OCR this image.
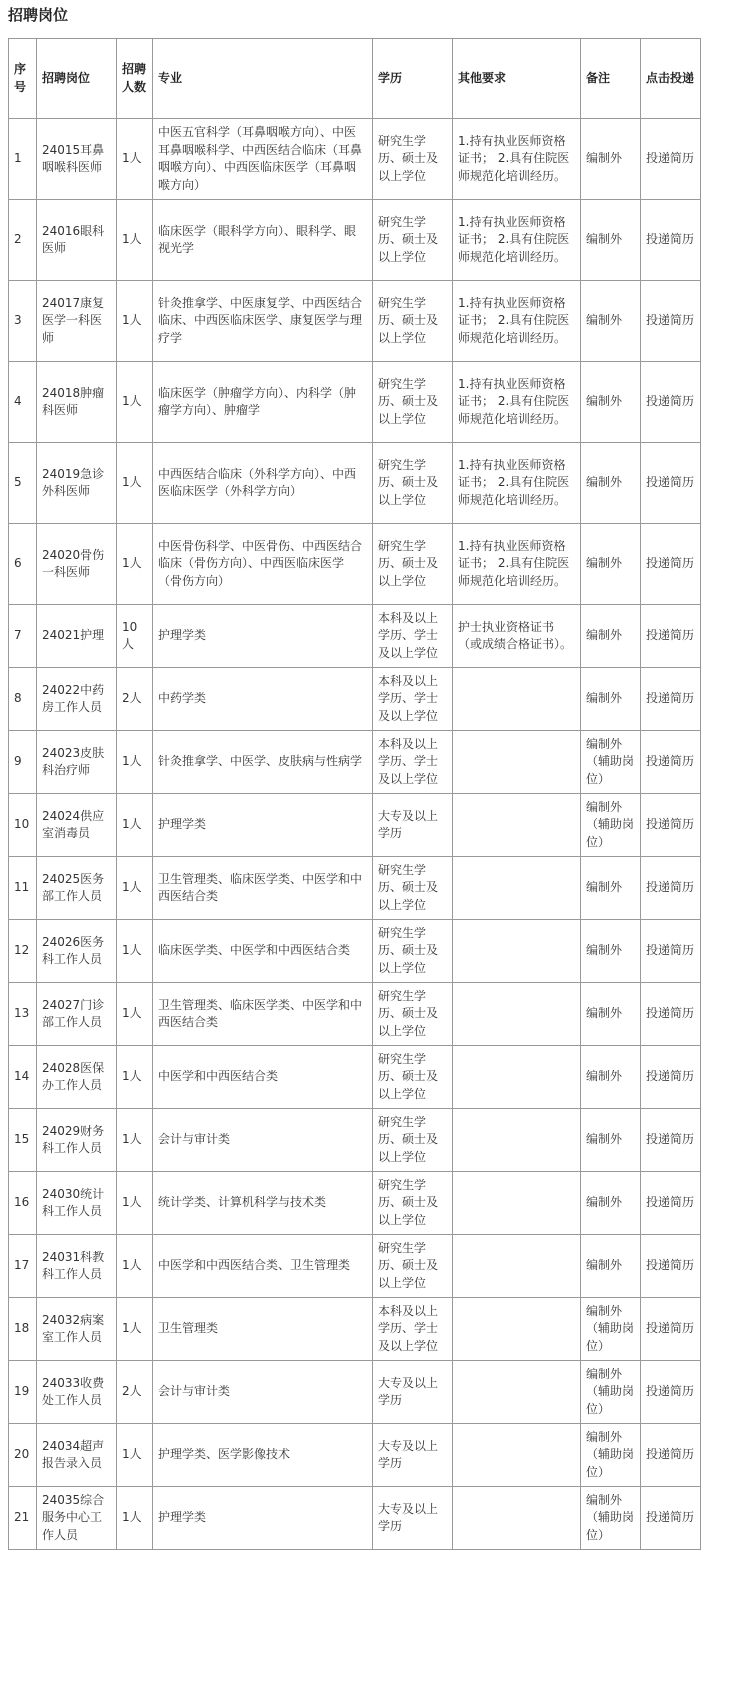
招聘岗位
序号	招聘岗位	招聘人数	专业	学历	其他要求	备注	点击投递
1	24015耳鼻咽喉科医师	1人	中医五官科学（耳鼻咽喉方向）、中医耳鼻咽喉科学、中西医结合临床（耳鼻咽喉方向）、中西医临床医学（耳鼻咽喉方向）	研究生学历、硕士及以上学位	1.持有执业医师资格证书； 2.具有住院医师规范化培训经历。	编制外	投递简历
2	24016眼科医师	1人	临床医学（眼科学方向）、眼科学、眼视光学	研究生学历、硕士及以上学位	1.持有执业医师资格证书； 2.具有住院医师规范化培训经历。	编制外	投递简历
3	24017康复医学一科医师	1人	针灸推拿学、中医康复学、中西医结合临床、中西医临床医学、康复医学与理疗学	研究生学历、硕士及以上学位	1.持有执业医师资格证书； 2.具有住院医师规范化培训经历。	编制外	投递简历
4	24018肿瘤科医师	1人	临床医学（肿瘤学方向）、内科学（肿瘤学方向）、肿瘤学	研究生学历、硕士及以上学位	1.持有执业医师资格证书； 2.具有住院医师规范化培训经历。	编制外	投递简历
5	24019急诊外科医师	1人	中西医结合临床（外科学方向）、中西医临床医学（外科学方向）	研究生学历、硕士及以上学位	1.持有执业医师资格证书； 2.具有住院医师规范化培训经历。	编制外	投递简历
6	24020骨伤一科医师	1人	中医骨伤科学、中医骨伤、中西医结合临床（骨伤方向）、中西医临床医学（骨伤方向）	研究生学历、硕士及以上学位	1.持有执业医师资格证书； 2.具有住院医师规范化培训经历。	编制外	投递简历
7	24021护理	10人	护理学类	本科及以上学历、学士及以上学位	护士执业资格证书（或成绩合格证书）。	编制外	投递简历
8	24022中药房工作人员	2人	中药学类	本科及以上学历、学士及以上学位		编制外	投递简历
9	24023皮肤科治疗师	1人	针灸推拿学、中医学、皮肤病与性病学	本科及以上学历、学士及以上学位		编制外（辅助岗位）	投递简历
10	24024供应室消毒员	1人	护理学类	大专及以上学历		编制外（辅助岗位）	投递简历
11	24025医务部工作人员	1人	卫生管理类、临床医学类、中医学和中西医结合类	研究生学历、硕士及以上学位		编制外	投递简历
12	24026医务科工作人员	1人	临床医学类、中医学和中西医结合类	研究生学历、硕士及以上学位		编制外	投递简历
13	24027门诊部工作人员	1人	卫生管理类、临床医学类、中医学和中西医结合类	研究生学历、硕士及以上学位		编制外	投递简历
14	24028医保办工作人员	1人	中医学和中西医结合类	研究生学历、硕士及以上学位		编制外	投递简历
15	24029财务科工作人员	1人	会计与审计类	研究生学历、硕士及以上学位		编制外	投递简历
16	24030统计科工作人员	1人	统计学类、计算机科学与技术类	研究生学历、硕士及以上学位		编制外	投递简历
17	24031科教科工作人员	1人	中医学和中西医结合类、卫生管理类	研究生学历、硕士及以上学位		编制外	投递简历
18	24032病案室工作人员	1人	卫生管理类	本科及以上学历、学士及以上学位		编制外（辅助岗位）	投递简历
19	24033收费处工作人员	2人	会计与审计类	大专及以上学历		编制外（辅助岗位）	投递简历
20	24034超声报告录入员	1人	护理学类、医学影像技术	大专及以上学历		编制外（辅助岗位）	投递简历
21	24035综合服务中心工作人员	1人	护理学类	大专及以上学历		编制外（辅助岗位）	投递简历
